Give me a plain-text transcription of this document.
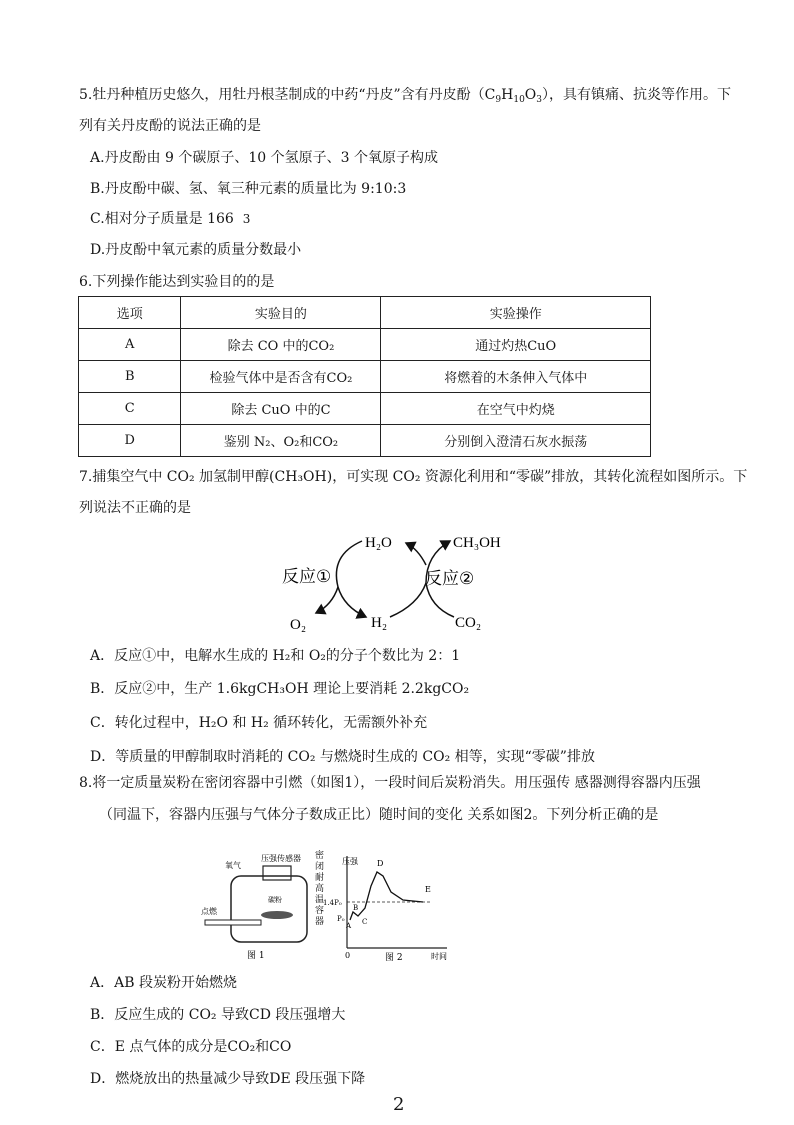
5.牡丹种植历史悠久，用牡丹根茎制成的中药“丹皮”含有丹皮酚$(C_9H_{10}O_3)$，具有镇痛、抗炎等作用。下
列有关丹皮酚的说法正确的是
A.丹皮酚由 9 个碳原子、10 个氢原子、3 个氧原子构成
B.丹皮酚中碳、氢、氧三种元素的质量比为 9:10:3
C.相对分子质量是 166 3
D.丹皮酚中氧元素的质量分数最小
6.下列操作能达到实验目的的是
选项	实验目的	实验操作
A	除去 CO 中的CO₂	通过灼热CuO
B	检验气体中是否含有CO₂	将燃着的木条伸入气体中
C	除去 CuO 中的C	在空气中灼烧
D	鉴别 N₂、O₂和CO₂	分别倒入澄清石灰水振荡
7.捕集空气中 CO₂ 加氢制甲醇(CH₃OH)，可实现 CO₂ 资源化利用和“零碳”排放，其转化流程如图所示。下
列说法不正确的是
反应①	反应②
H₂O	CH₃OH
O₂	H₂	CO₂
A．反应①中，电解水生成的 H₂和 O₂的分子个数比为 2：1
B．反应②中，生产 1.6kgCH₃OH 理论上要消耗 2.2kgCO₂
C．转化过程中，H₂O 和 H₂ 循环转化，无需额外补充
D．等质量的甲醇制取时消耗的 CO₂ 与燃烧时生成的 CO₂ 相等，实现“零碳”排放
8.将一定质量炭粉在密闭容器中引燃（如图1），一段时间后炭粉消失。用压强传 感器测得容器内压强
（同温下，容器内压强与气体分子数成正比）随时间的变化 关系如图2。下列分析正确的是
氧气
压强传感器
碳粉
点燃
密
闭
耐
高
温
容
器
图 1
压强
时间
0
1.4P₀
P₀
A
B
C
D
E
图 2
A．AB 段炭粉开始燃烧
B．反应生成的 CO₂ 导致CD 段压强增大
C．E 点气体的成分是CO₂和CO
D．燃烧放出的热量减少导致DE 段压强下降
2
